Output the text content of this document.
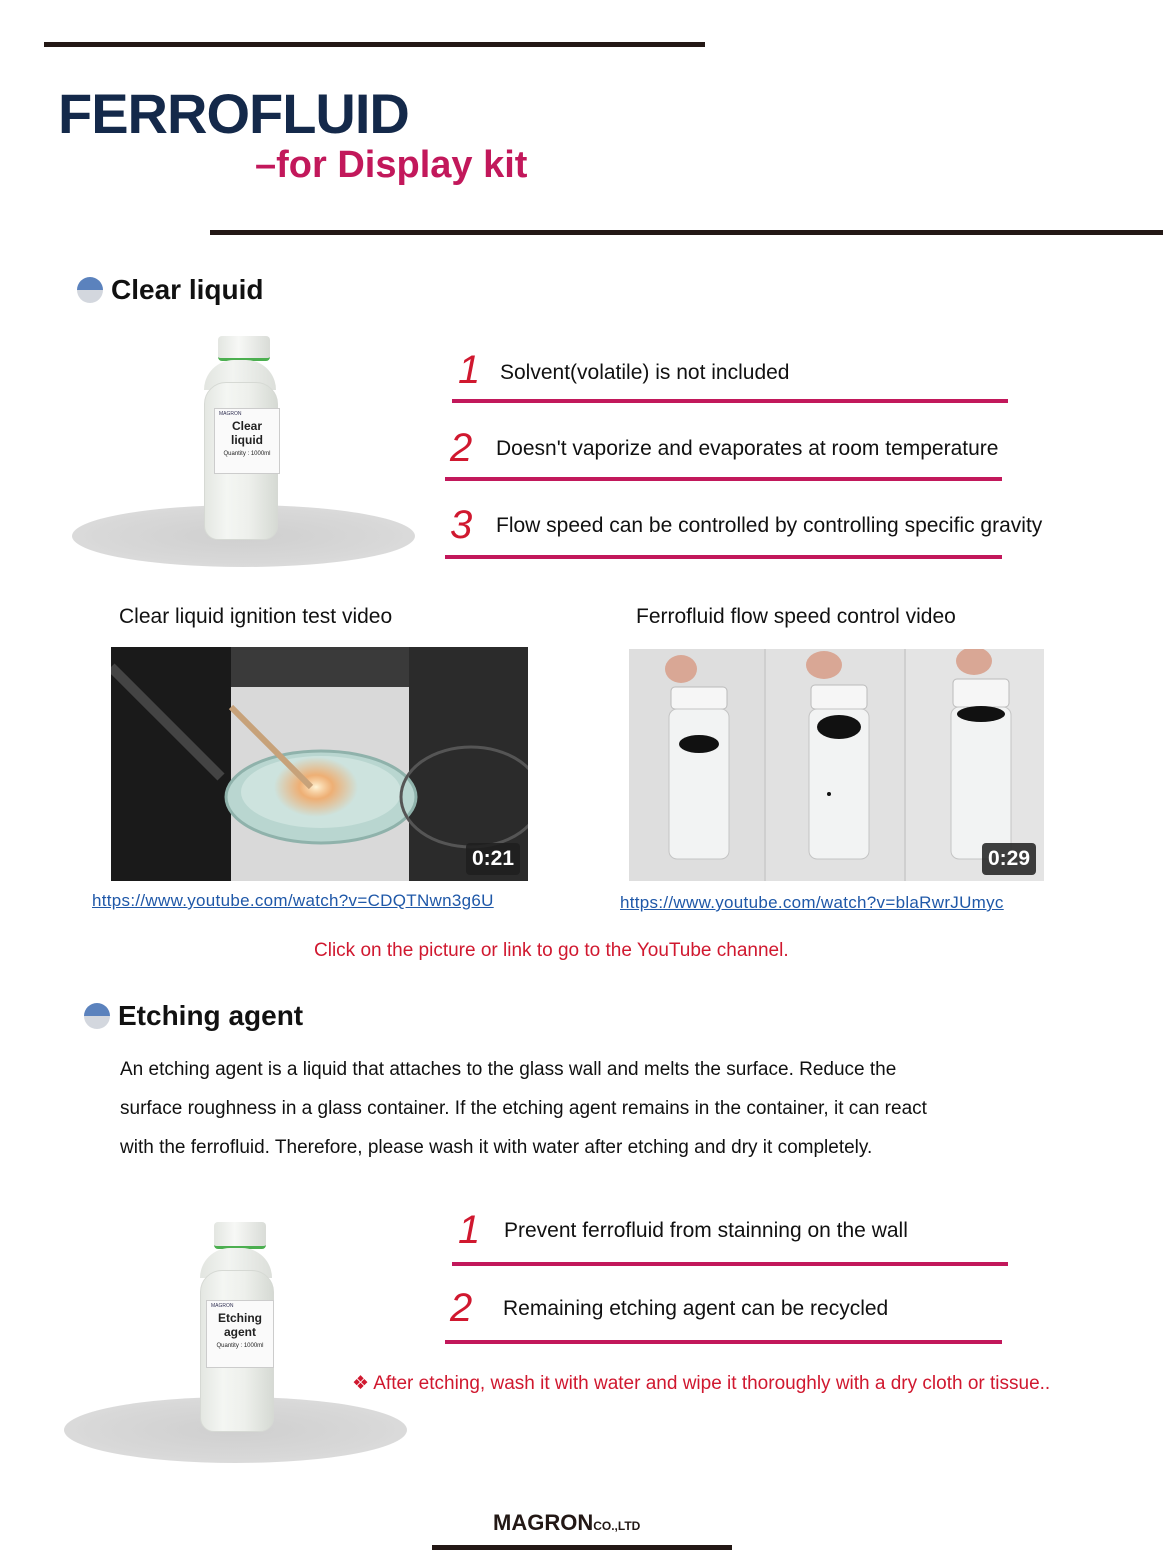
FERROFLUID
–for Display kit
Clear liquid
MAGRON
Clear liquid
Quantity : 1000ml
1 Solvent(volatile) is not included
2 Doesn't vaporize and evaporates at room temperature
3 Flow speed can be controlled by controlling specific gravity
Clear liquid ignition test video
0:21
https://www.youtube.com/watch?v=CDQTNwn3g6U
Ferrofluid flow speed control video
0:29
https://www.youtube.com/watch?v=blaRwrJUmyc
Click on the picture or link to go to the YouTube channel.
Etching agent

An etching agent is a liquid that attaches to the glass wall and melts the surface. Reduce the

surface roughness in a glass container. If the etching agent remains in the container, it can react

with the ferrofluid. Therefore, please wash it with water after etching and dry it completely.

MAGRON
Etching agent
Quantity : 1000ml
1 Prevent ferrofluid from stainning on the wall
2 Remaining etching agent can be recycled
❖ After etching, wash it with water and wipe it thoroughly with a dry cloth or tissue..
MAGRONCO.,LTD
